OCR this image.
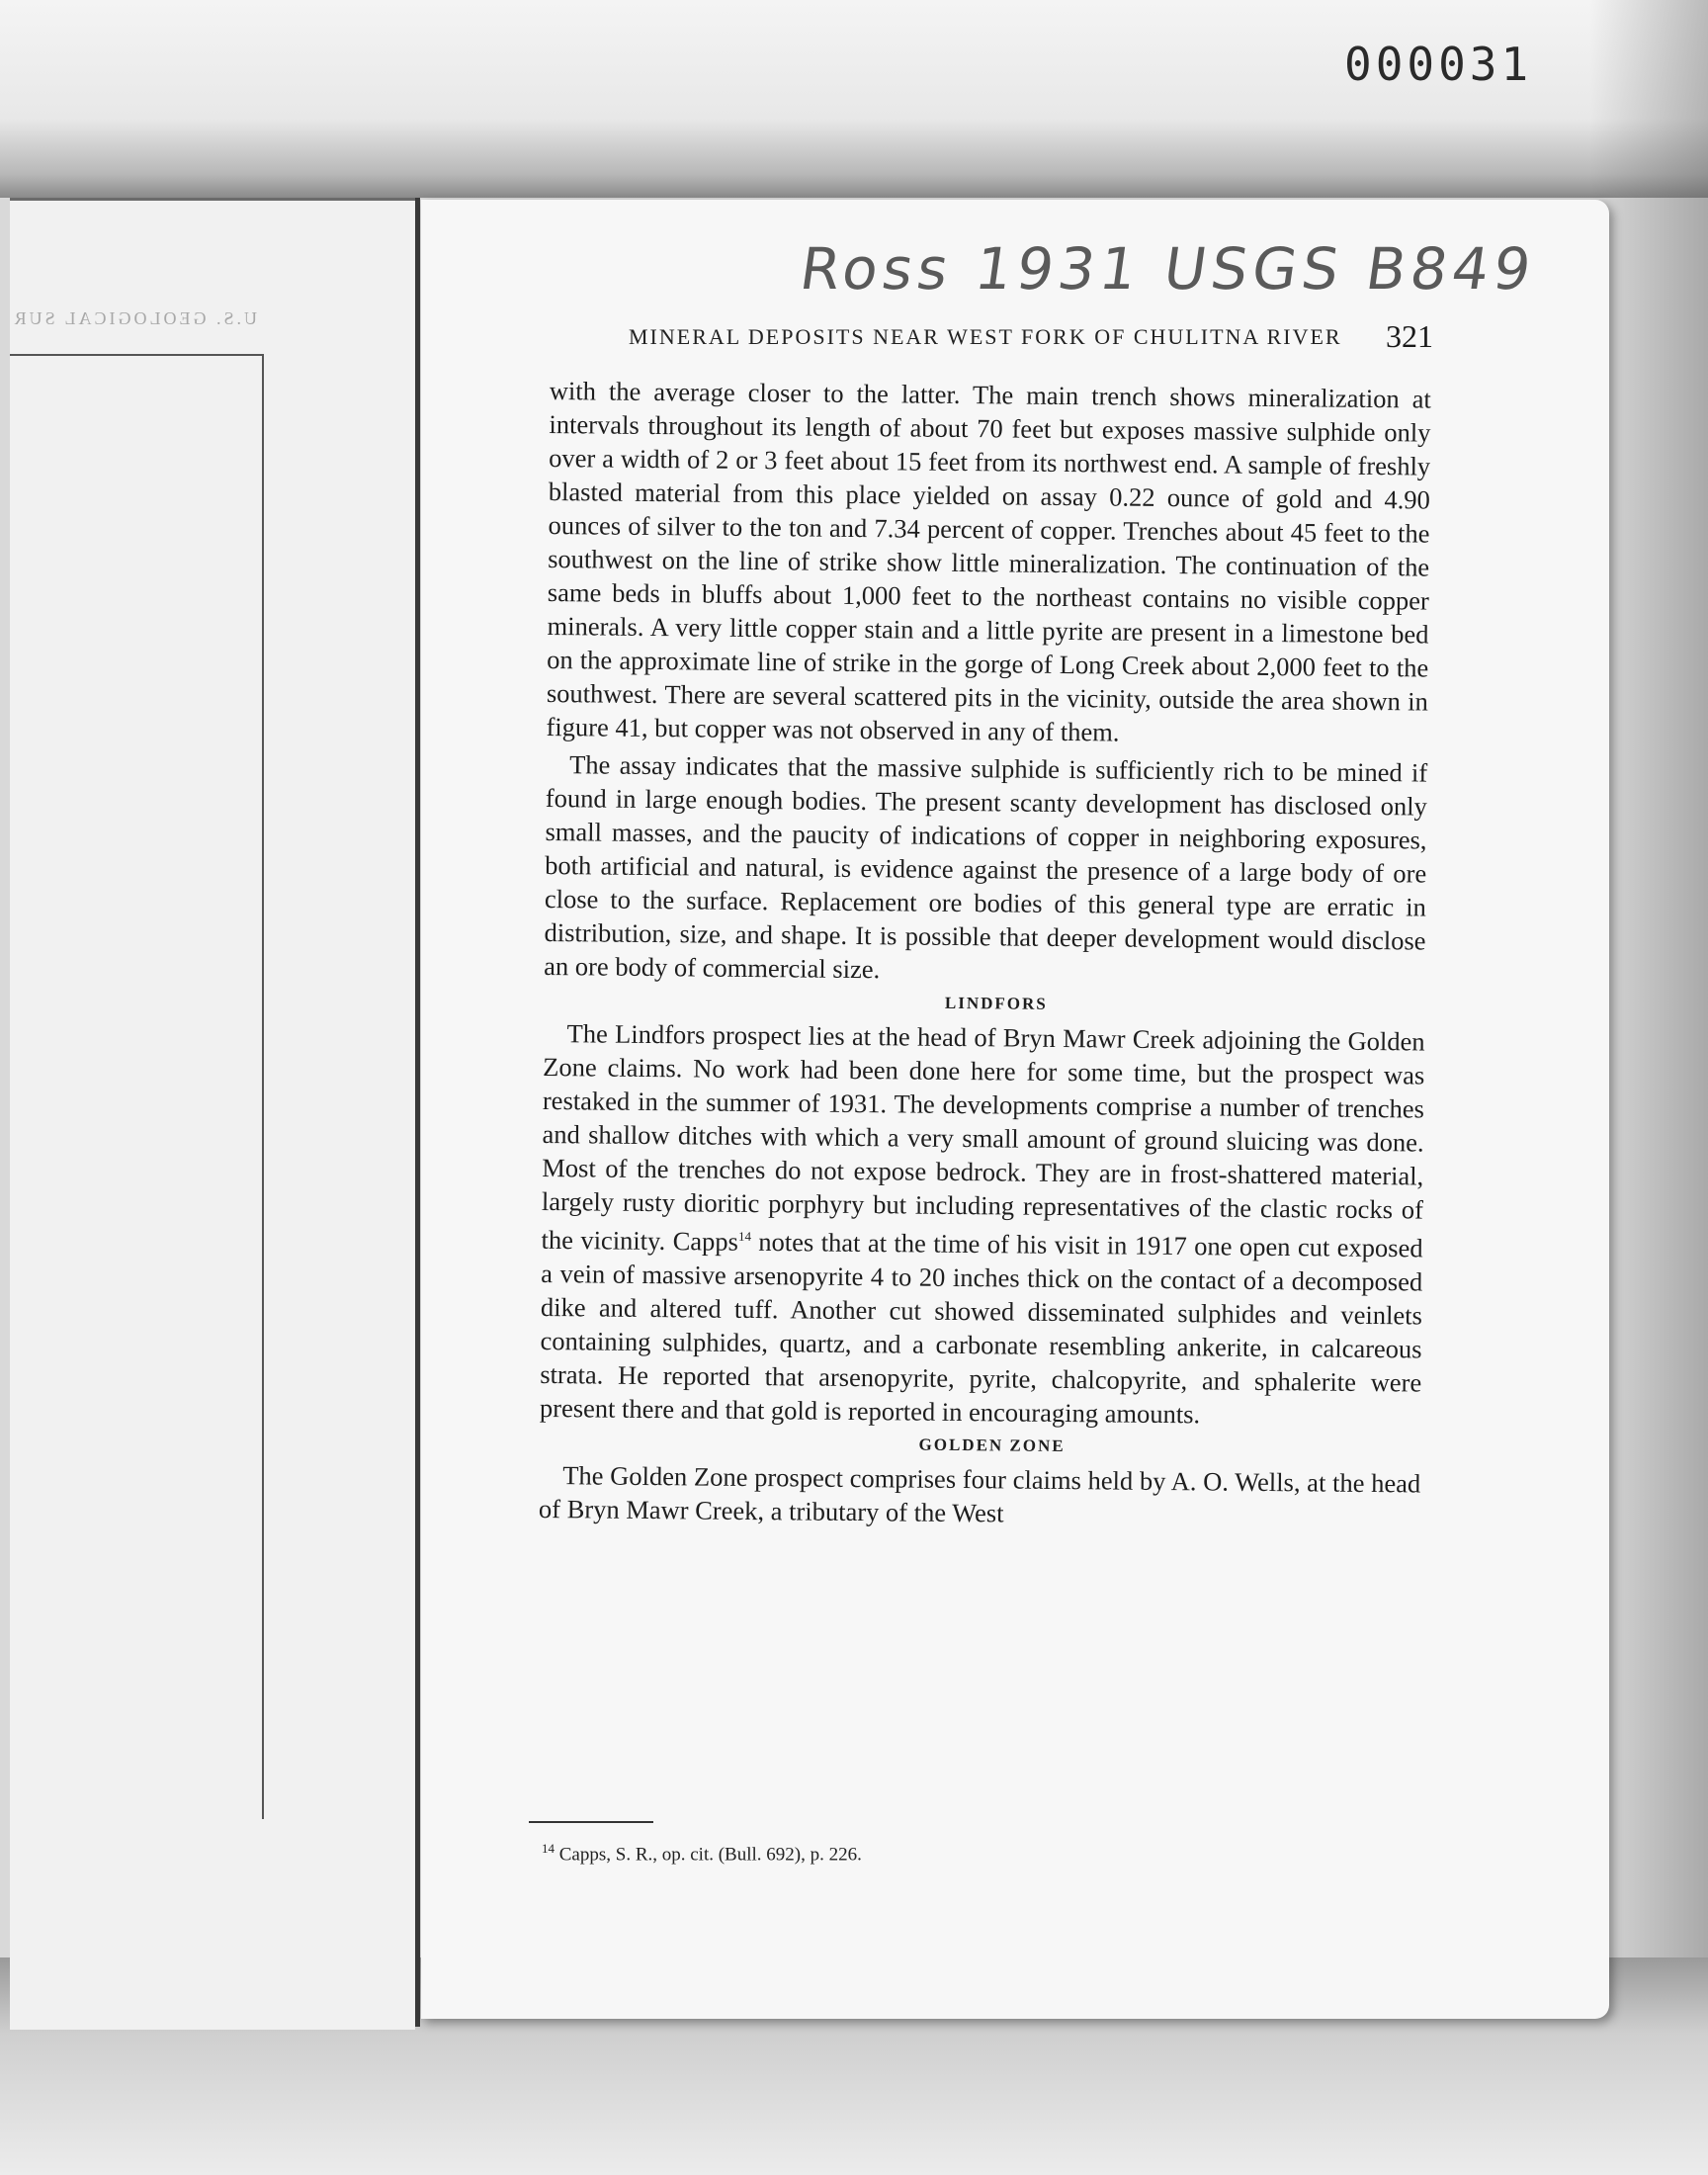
000031
U.S. GEOLOGICAL SUR
Ross 1931 USGS B849
MINERAL DEPOSITS NEAR WEST FORK OF CHULITNA RIVER 321

with the average closer to the latter. The main trench shows mineralization at intervals throughout its length of about 70 feet but exposes massive sulphide only over a width of 2 or 3 feet about 15 feet from its northwest end. A sample of freshly blasted material from this place yielded on assay 0.22 ounce of gold and 4.90 ounces of silver to the ton and 7.34 percent of copper. Trenches about 45 feet to the southwest on the line of strike show little mineralization. The continuation of the same beds in bluffs about 1,000 feet to the northeast contains no visible copper minerals. A very little copper stain and a little pyrite are present in a limestone bed on the approximate line of strike in the gorge of Long Creek about 2,000 feet to the southwest. There are several scattered pits in the vicinity, outside the area shown in figure 41, but copper was not observed in any of them.

The assay indicates that the massive sulphide is sufficiently rich to be mined if found in large enough bodies. The present scanty development has disclosed only small masses, and the paucity of indications of copper in neighboring exposures, both artificial and natural, is evidence against the presence of a large body of ore close to the surface. Replacement ore bodies of this general type are erratic in distribution, size, and shape. It is possible that deeper development would disclose an ore body of commercial size.

LINDFORS

The Lindfors prospect lies at the head of Bryn Mawr Creek adjoining the Golden Zone claims. No work had been done here for some time, but the prospect was restaked in the summer of 1931. The developments comprise a number of trenches and shallow ditches with which a very small amount of ground sluicing was done. Most of the trenches do not expose bedrock. They are in frost-shattered material, largely rusty dioritic porphyry but including representatives of the clastic rocks of the vicinity. Capps$^{14}$ notes that at the time of his visit in 1917 one open cut exposed a vein of massive arsenopyrite 4 to 20 inches thick on the contact of a decomposed dike and altered tuff. Another cut showed disseminated sulphides and veinlets containing sulphides, quartz, and a carbonate resembling ankerite, in calcareous strata. He reported that arsenopyrite, pyrite, chalcopyrite, and sphalerite were present there and that gold is reported in encouraging amounts.

GOLDEN ZONE

The Golden Zone prospect comprises four claims held by A. O. Wells, at the head of Bryn Mawr Creek, a tributary of the West

$^{14}$ Capps, S. R., op. cit. (Bull. 692), p. 226.
